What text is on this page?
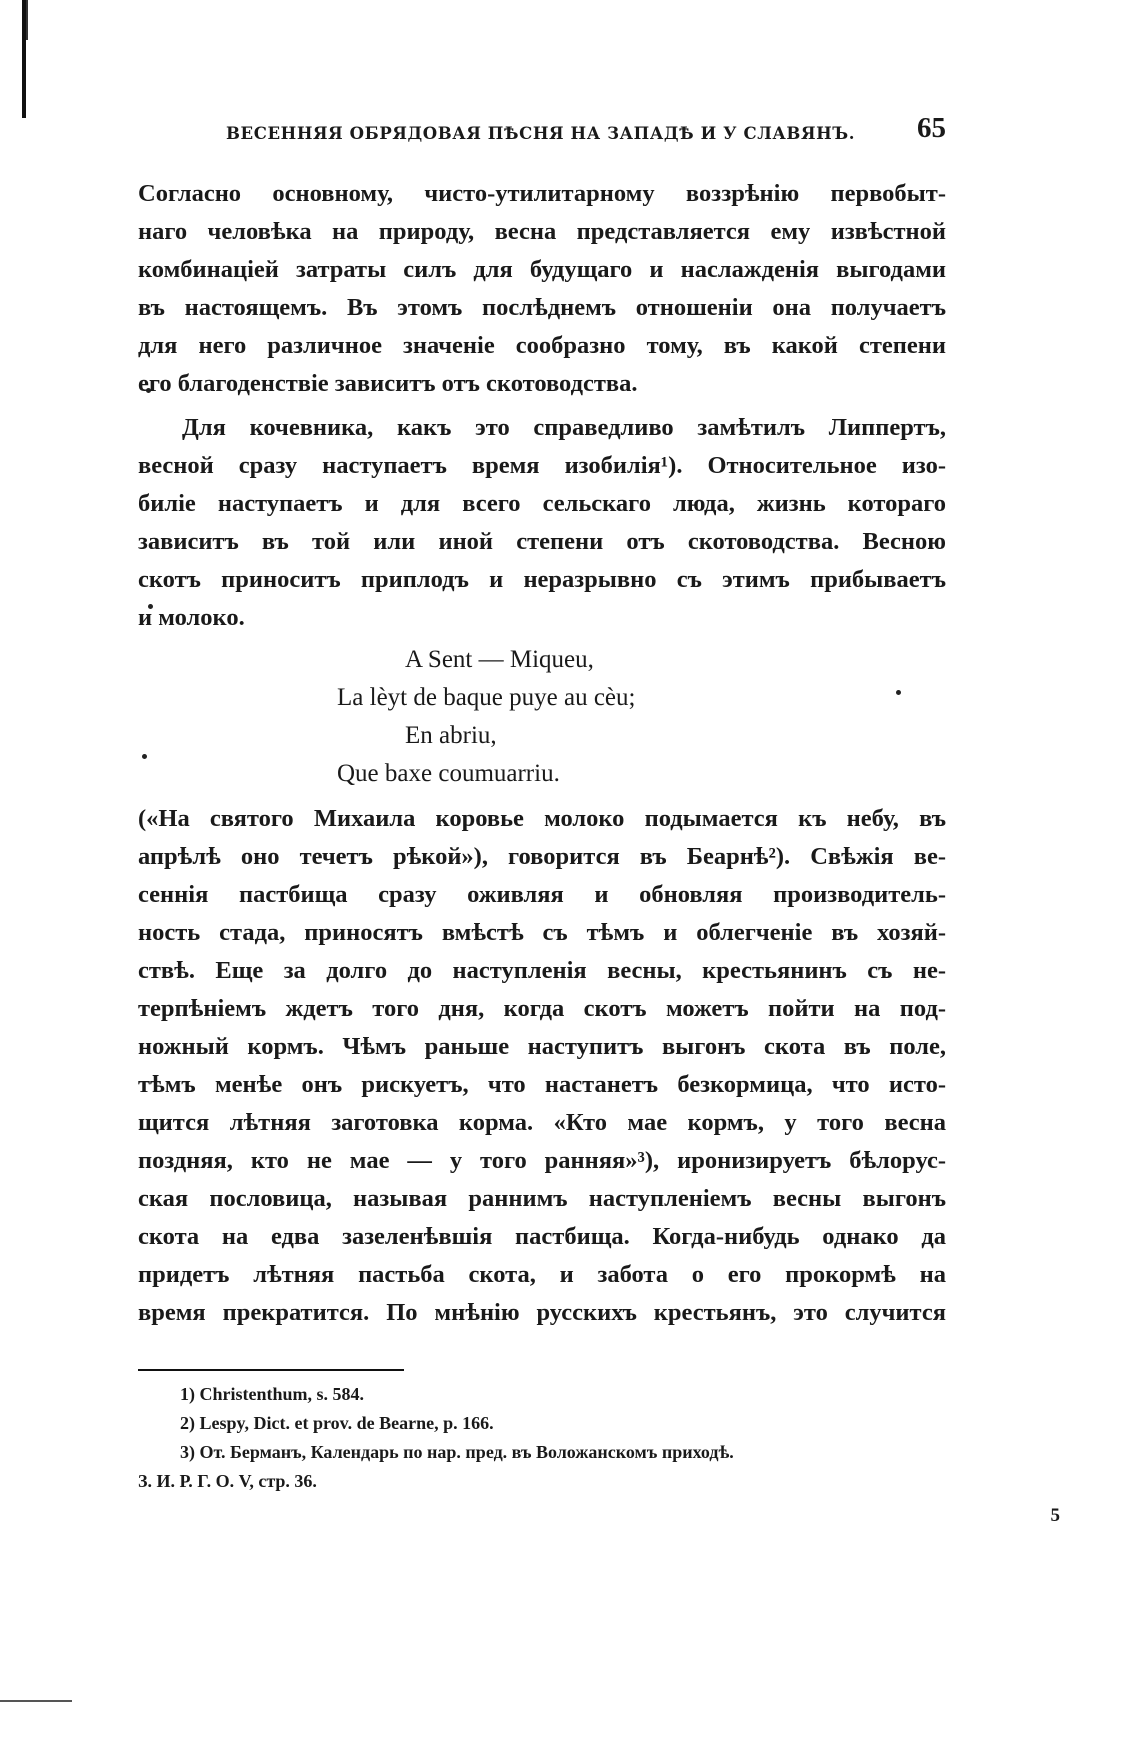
ВЕСЕННЯЯ ОБРЯДОВАЯ ПѢСНЯ НА ЗАПАДѢ И У СЛАВЯНЪ. 65
Согласно основному, чисто-утилитарному воззрѣнію первобыт-
наго человѣка на природу, весна представляется ему извѣстной
комбинаціей затраты силъ для будущаго и наслажденія выгодами
въ настоящемъ. Въ этомъ послѣднемъ отношеніи она получаетъ
для него различное значеніе сообразно тому, въ какой степени
его благоденствіе зависитъ отъ скотоводства.
Для кочевника, какъ это справедливо замѣтилъ Липпертъ,
весной сразу наступаетъ время изобилія¹). Относительное изо-
биліе наступаетъ и для всего сельскаго люда, жизнь котораго
зависитъ въ той или иной степени отъ скотоводства. Весною
скотъ приноситъ приплодъ и неразрывно съ этимъ прибываетъ
и молоко.
A Sent — Miqueu,
La lèyt de baque puye au cèu;
En abriu,
Que baxe coumuarriu.
(«На святого Михаила коровье молоко подымается къ небу, въ
апрѣлѣ оно течетъ рѣкой»), говорится въ Беарнѣ²). Свѣжія ве-
сеннія пастбища сразу оживляя и обновляя производитель-
ность стада, приносятъ вмѣстѣ съ тѣмъ и облегченіе въ хозяй-
ствѣ. Еще за долго до наступленія весны, крестьянинъ съ не-
терпѣніемъ ждетъ того дня, когда скотъ можетъ пойти на под-
ножный кормъ. Чѣмъ раньше наступитъ выгонъ скота въ поле,
тѣмъ менѣе онъ рискуетъ, что настанетъ безкормица, что исто-
щится лѣтняя заготовка корма. «Кто мае кормъ, у того весна
поздняя, кто не мае — у того ранняя»³), иронизируетъ бѣлорус-
ская пословица, называя раннимъ наступленіемъ весны выгонъ
скота на едва зазеленѣвшія пастбища. Когда-нибудь однако да
придетъ лѣтняя пастьба скота, и забота о его прокормѣ на
время прекратится. По мнѣнію русскихъ крестьянъ, это случится
1) Christenthum, s. 584.
2) Lespy, Dict. et prov. de Bearne, p. 166.
3) От. Берманъ, Календарь по нар. пред. въ Воложанскомъ приходѣ.
З. И. Р. Г. О. V, стр. 36.
5
